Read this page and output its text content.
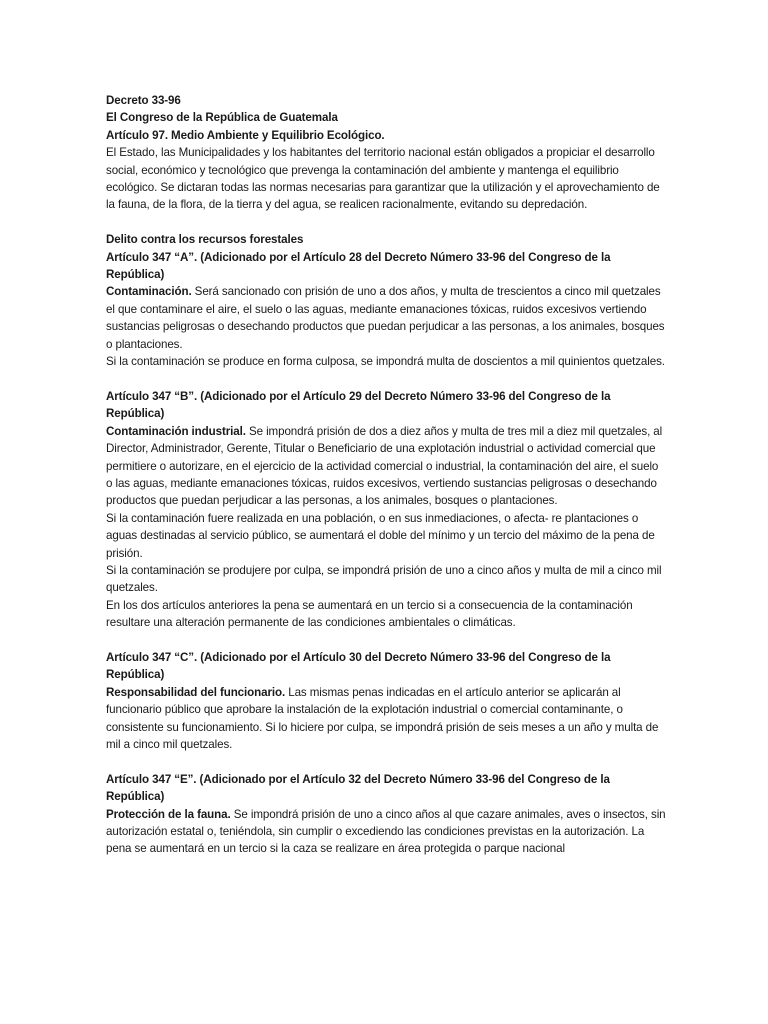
Decreto 33-96

El Congreso de la República de Guatemala

Artículo 97. Medio Ambiente y Equilibrio Ecológico.

El Estado, las Municipalidades y los habitantes del territorio nacional están obligados a propiciar el desarrollo social, económico y tecnológico que prevenga la contaminación del ambiente y mantenga el equilibrio ecológico. Se dictaran todas las normas necesarias para garantizar que la utilización y el aprovechamiento de la fauna, de la flora, de la tierra y del agua, se realicen racionalmente, evitando su depredación.

Delito contra los recursos forestales

Artículo 347 “A”. (Adicionado por el Artículo 28 del Decreto Número 33-96 del Congreso de la República)

Contaminación. Será sancionado con prisión de uno a dos años, y multa de trescientos a cinco mil quetzales el que contaminare el aire, el suelo o las aguas, mediante emanaciones tóxicas, ruidos excesivos vertiendo sustancias peligrosas o desechando productos que puedan perjudicar a las personas, a los animales, bosques o plantaciones.

Si la contaminación se produce en forma culposa, se impondrá multa de doscientos a mil quinientos quetzales.

Artículo 347 “B”. (Adicionado por el Artículo 29 del Decreto Número 33-96 del Congreso de la República)

Contaminación industrial. Se impondrá prisión de dos a diez años y multa de tres mil a diez mil quetzales, al Director, Administrador, Gerente, Titular o Beneficiario de una explotación industrial o actividad comercial que permitiere o autorizare, en el ejercicio de la actividad comercial o industrial, la contaminación del aire, el suelo o las aguas, mediante emanaciones tóxicas, ruidos excesivos, vertiendo sustancias peligrosas o desechando productos que puedan perjudicar a las personas, a los animales, bosques o plantaciones.

Si la contaminación fuere realizada en una población, o en sus inmediaciones, o afecta- re plantaciones o aguas destinadas al servicio público, se aumentará el doble del mínimo y un tercio del máximo de la pena de prisión.

Si la contaminación se produjere por culpa, se impondrá prisión de uno a cinco años y multa de mil a cinco mil quetzales.

En los dos artículos anteriores la pena se aumentará en un tercio si a consecuencia de la contaminación resultare una alteración permanente de las condiciones ambientales o climáticas.

Artículo 347 “C”. (Adicionado por el Artículo 30 del Decreto Número 33-96 del Congreso de la República)

Responsabilidad del funcionario. Las mismas penas indicadas en el artículo anterior se aplicarán al funcionario público que aprobare la instalación de la explotación industrial o comercial contaminante, o consistente su funcionamiento. Si lo hiciere por culpa, se impondrá prisión de seis meses a un año y multa de mil a cinco mil quetzales.

Artículo 347 “E”. (Adicionado por el Artículo 32 del Decreto Número 33-96 del Congreso de la República)

Protección de la fauna. Se impondrá prisión de uno a cinco años al que cazare animales, aves o insectos, sin autorización estatal o, teniéndola, sin cumplir o excediendo las condiciones previstas en la autorización. La pena se aumentará en un tercio si la caza se realizare en área protegida o parque nacional
